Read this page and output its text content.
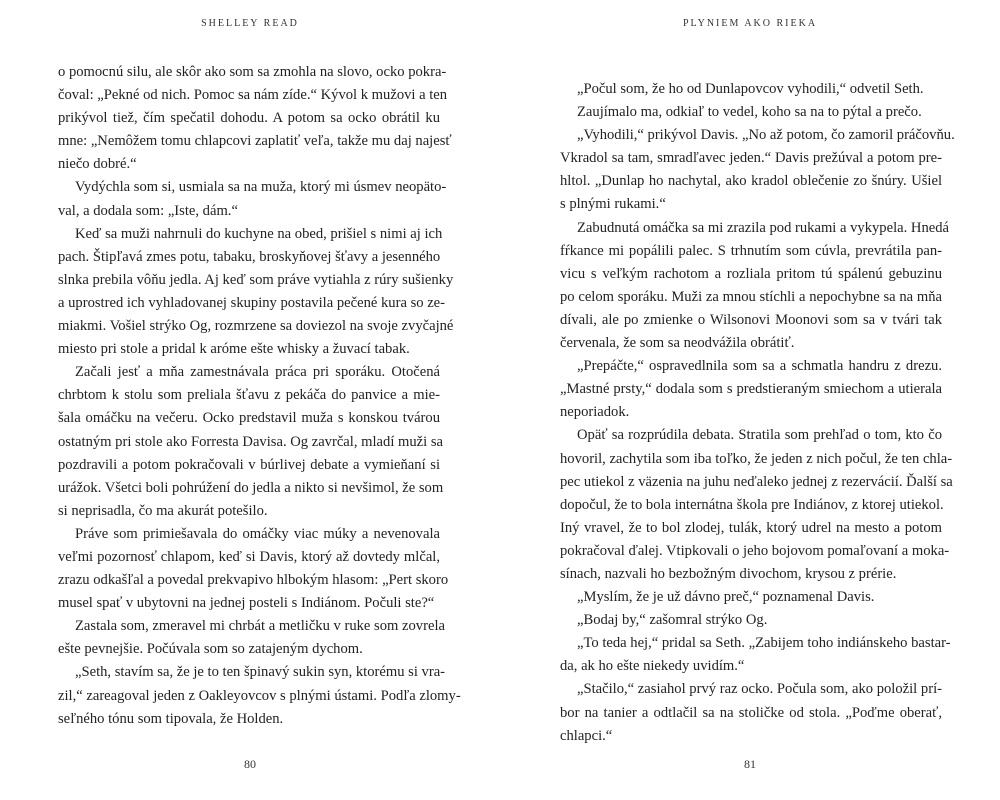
SHELLEY READ
o pomocnú silu, ale skôr ako som sa zmohla na slovo, ocko pokra-
čoval: „Pekné od nich. Pomoc sa nám zíde.“ Kývol k mužovi a ten
prikývol tiež, čím spečatil dohodu. A potom sa ocko obrátil ku
mne: „Nemôžem tomu chlapcovi zaplatiť veľa, takže mu daj najesť
niečo dobré.“
Vydýchla som si, usmiala sa na muža, ktorý mi úsmev neopäto-
val, a dodala som: „Iste, dám.“
Keď sa muži nahrnuli do kuchyne na obed, prišiel s nimi aj ich
pach. Štipľavá zmes potu, tabaku, broskyňovej šťavy a jesenného
slnka prebila vôňu jedla. Aj keď som práve vytiahla z rúry sušienky
a uprostred ich vyhladovanej skupiny postavila pečené kura so ze-
miakmi. Vošiel strýko Og, rozmrzene sa doviezol na svoje zvyčajné
miesto pri stole a pridal k aróme ešte whisky a žuvací tabak.
Začali jesť a mňa zamestnávala práca pri sporáku. Otočená
chrbtom k stolu som preliala šťavu z pekáča do panvice a mie-
šala omáčku na večeru. Ocko predstavil muža s konskou tvárou
ostatným pri stole ako Forresta Davisa. Og zavrčal, mladí muži sa
pozdravili a potom pokračovali v búrlivej debate a vymieňaní si
urážok. Všetci boli pohrúžení do jedla a nikto si nevšimol, že som
si neprisadla, čo ma akurát potešilo.
Práve som primiešavala do omáčky viac múky a nevenovala
veľmi pozornosť chlapom, keď si Davis, ktorý až dovtedy mlčal,
zrazu odkašľal a povedal prekvapivo hlbokým hlasom: „Pert skoro
musel spať v ubytovni na jednej posteli s Indiánom. Počuli ste?“
Zastala som, zmeravel mi chrbát a metličku v ruke som zovrela
ešte pevnejšie. Počúvala som so zatajeným dychom.
„Seth, stavím sa, že je to ten špinavý sukin syn, ktorému si vra-
zil,“ zareagoval jeden z Oakleyovcov s plnými ústami. Podľa zlomy-
seľného tónu som tipovala, že Holden.
80
PLYNIEM AKO RIEKA
„Počul som, že ho od Dunlapovcov vyhodili,“ odvetil Seth.
Zaujímalo ma, odkiaľ to vedel, koho sa na to pýtal a prečo.
„Vyhodili,“ prikývol Davis. „No až potom, čo zamoril práčovňu.
Vkradol sa tam, smradľavec jeden.“ Davis prežúval a potom pre-
hltol. „Dunlap ho nachytal, ako kradol oblečenie zo šnúry. Ušiel
s plnými rukami.“
Zabudnutá omáčka sa mi zrazila pod rukami a vykypela. Hnedá
fŕkance mi popálili palec. S trhnutím som cúvla, prevrátila pan-
vicu s veľkým rachotom a rozliala pritom tú spálenú gebuzinu
po celom sporáku. Muži za mnou stíchli a nepochybne sa na mňa
dívali, ale po zmienke o Wilsonovi Moonovi som sa v tvári tak
červenala, že som sa neodvážila obrátiť.
„Prepáčte,“ ospravedlnila som sa a schmatla handru z drezu.
„Mastné prsty,“ dodala som s predstieraným smiechom a utierala
neporiadok.
Opäť sa rozprúdila debata. Stratila som prehľad o tom, kto čo
hovoril, zachytila som iba toľko, že jeden z nich počul, že ten chla-
pec utiekol z väzenia na juhu neďaleko jednej z rezervácií. Ďalší sa
dopočul, že to bola internátna škola pre Indiánov, z ktorej utiekol.
Iný vravel, že to bol zlodej, tulák, ktorý udrel na mesto a potom
pokračoval ďalej. Vtipkovali o jeho bojovom pomaľovaní a moka-
sínach, nazvali ho bezbožným divochom, krysou z prérie.
„Myslím, že je už dávno preč,“ poznamenal Davis.
„Bodaj by,“ zašomral strýko Og.
„To teda hej,“ pridal sa Seth. „Zabijem toho indiánskeho bastar-
da, ak ho ešte niekedy uvidím.“
„Stačilo,“ zasiahol prvý raz ocko. Počula som, ako položil prí-
bor na tanier a odtlačil sa na stoličke od stola. „Poďme oberať,
chlapci.“
81
